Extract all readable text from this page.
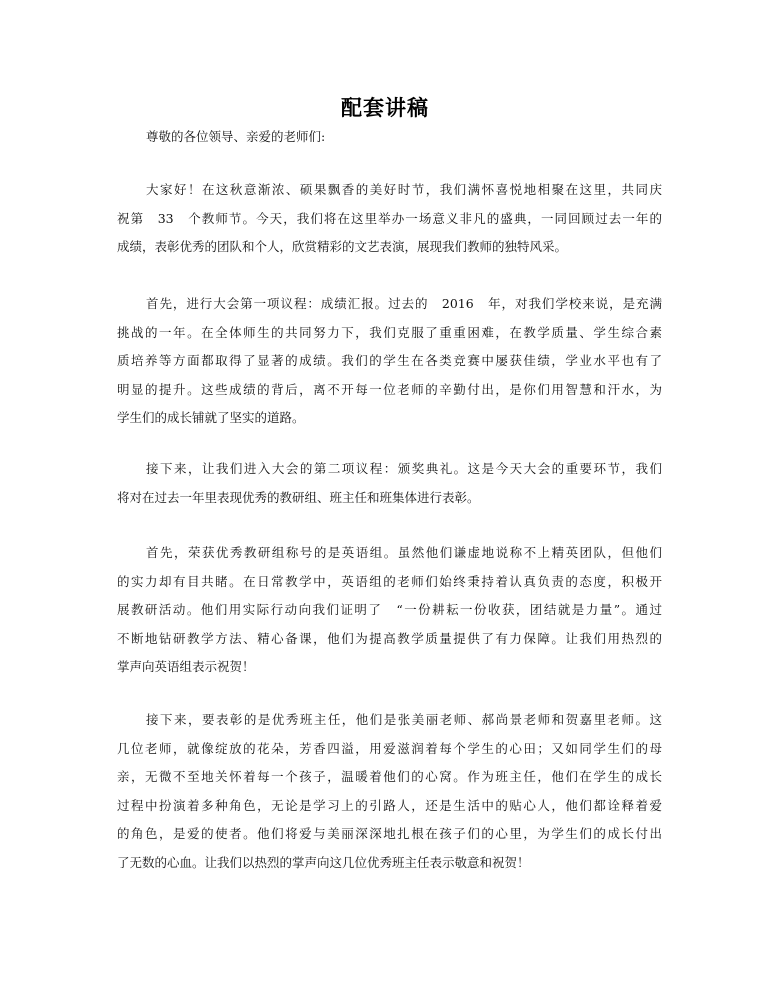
配套讲稿
尊敬的各位领导、亲爱的老师们:
大家好！在这秋意渐浓、硕果飘香的美好时节，我们满怀喜悦地相聚在这里，共同庆
祝第　33　个教师节。今天，我们将在这里举办一场意义非凡的盛典，一同回顾过去一年的
成绩，表彰优秀的团队和个人，欣赏精彩的文艺表演，展现我们教师的独特风采。
首先，进行大会第一项议程：成绩汇报。过去的　2016　年，对我们学校来说，是充满
挑战的一年。在全体师生的共同努力下，我们克服了重重困难，在教学质量、学生综合素
质培养等方面都取得了显著的成绩。我们的学生在各类竞赛中屡获佳绩，学业水平也有了
明显的提升。这些成绩的背后，离不开每一位老师的辛勤付出，是你们用智慧和汗水，为
学生们的成长铺就了坚实的道路。
接下来，让我们进入大会的第二项议程：颁奖典礼。这是今天大会的重要环节，我们
将对在过去一年里表现优秀的教研组、班主任和班集体进行表彰。
首先，荣获优秀教研组称号的是英语组。虽然他们谦虚地说称不上精英团队，但他们
的实力却有目共睹。在日常教学中，英语组的老师们始终秉持着认真负责的态度，积极开
展教研活动。他们用实际行动向我们证明了　“一份耕耘一份收获，团结就是力量”。通过
不断地钻研教学方法、精心备课，他们为提高教学质量提供了有力保障。让我们用热烈的
掌声向英语组表示祝贺！
接下来，要表彰的是优秀班主任，他们是张美丽老师、郝尚景老师和贺嘉里老师。这
几位老师，就像绽放的花朵，芳香四溢，用爱滋润着每个学生的心田；又如同学生们的母
亲，无微不至地关怀着每一个孩子，温暖着他们的心窝。作为班主任，他们在学生的成长
过程中扮演着多种角色，无论是学习上的引路人，还是生活中的贴心人，他们都诠释着爱
的角色，是爱的使者。他们将爱与美丽深深地扎根在孩子们的心里，为学生们的成长付出
了无数的心血。让我们以热烈的掌声向这几位优秀班主任表示敬意和祝贺！
